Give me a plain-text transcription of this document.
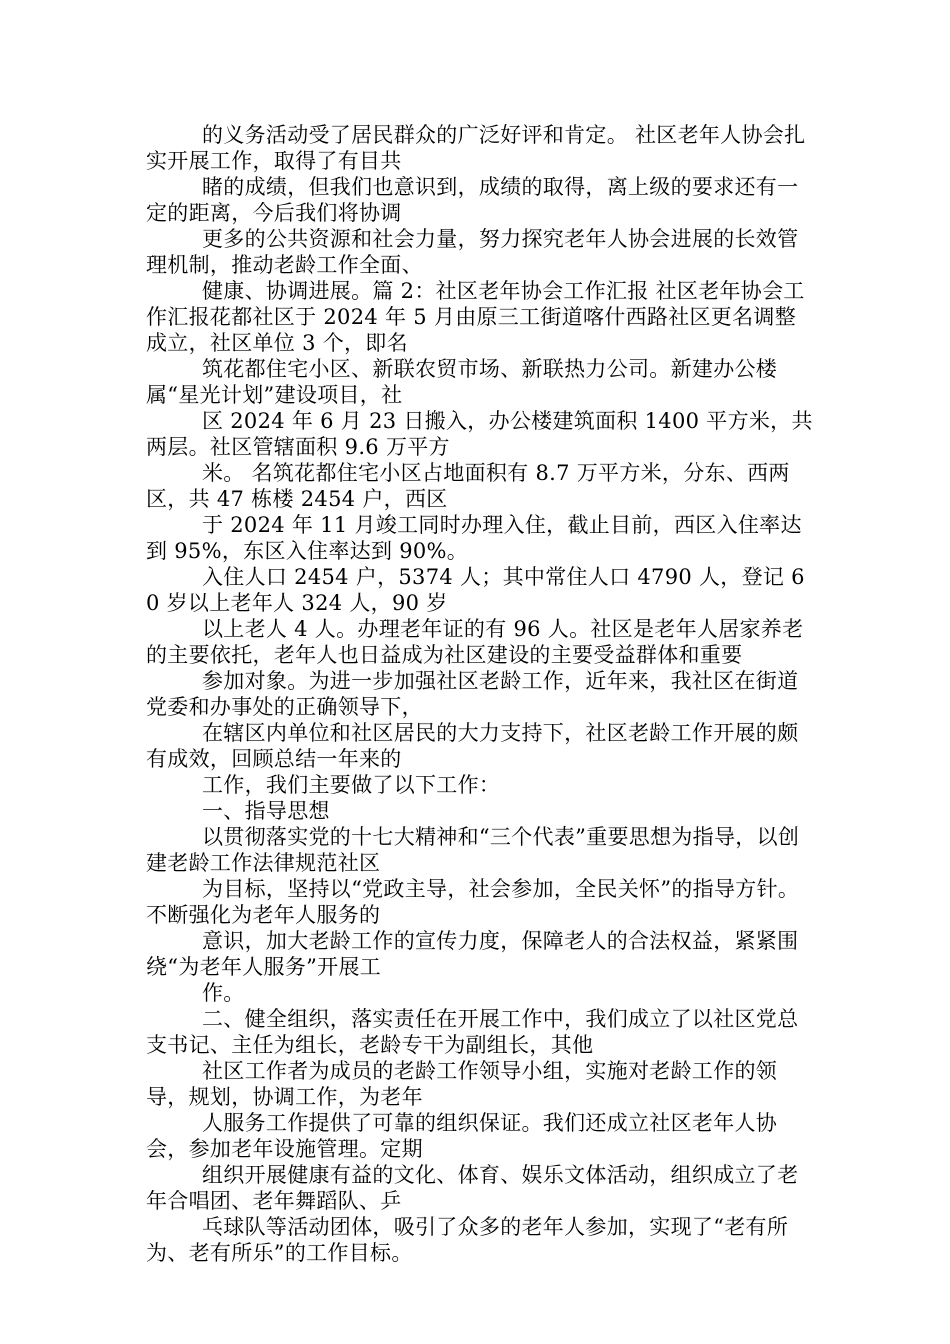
的义务活动受了居民群众的广泛好评和肯定。 社区老年人协会扎实开展工作，取得了有目共

睹的成绩，但我们也意识到，成绩的取得，离上级的要求还有一定的距离，今后我们将协调

更多的公共资源和社会力量，努力探究老年人协会进展的长效管理机制，推动老龄工作全面、

健康、协调进展。篇 2：社区老年协会工作汇报 社区老年协会工作汇报花都社区于 2024 年 5 月由原三工街道喀什西路社区更名调整成立，社区单位 3 个，即名

筑花都住宅小区、新联农贸市场、新联热力公司。新建办公楼属“星光计划”建设项目，社

区 2024 年 6 月 23 日搬入，办公楼建筑面积 1400 平方米，共两层。社区管辖面积 9.6 万平方

米。 名筑花都住宅小区占地面积有 8.7 万平方米，分东、西两区，共 47 栋楼 2454 户，西区

于 2024 年 11 月竣工同时办理入住，截止目前，西区入住率达到 95%，东区入住率达到 90%。

入住人口 2454 户，5374 人；其中常住人口 4790 人，登记 60 岁以上老年人 324 人，90 岁

以上老人 4 人。办理老年证的有 96 人。社区是老年人居家养老的主要依托，老年人也日益成为社区建设的主要受益群体和重要

参加对象。为进一步加强社区老龄工作，近年来，我社区在街道党委和办事处的正确领导下，

在辖区内单位和社区居民的大力支持下，社区老龄工作开展的颇有成效，回顾总结一年来的

工作，我们主要做了以下工作：

一、指导思想

以贯彻落实党的十七大精神和“三个代表”重要思想为指导，以创建老龄工作法律规范社区

为目标，坚持以“党政主导，社会参加，全民关怀”的指导方针。不断强化为老年人服务的

意识，加大老龄工作的宣传力度，保障老人的合法权益，紧紧围绕“为老年人服务”开展工

作。

二、健全组织，落实责任在开展工作中，我们成立了以社区党总支书记、主任为组长，老龄专干为副组长，其他

社区工作者为成员的老龄工作领导小组，实施对老龄工作的领导，规划，协调工作，为老年

人服务工作提供了可靠的组织保证。我们还成立社区老年人协会，参加老年设施管理。定期

组织开展健康有益的文化、体育、娱乐文体活动，组织成立了老年合唱团、老年舞蹈队、乒

乓球队等活动团体，吸引了众多的老年人参加，实现了“老有所为、老有所乐”的工作目标。
